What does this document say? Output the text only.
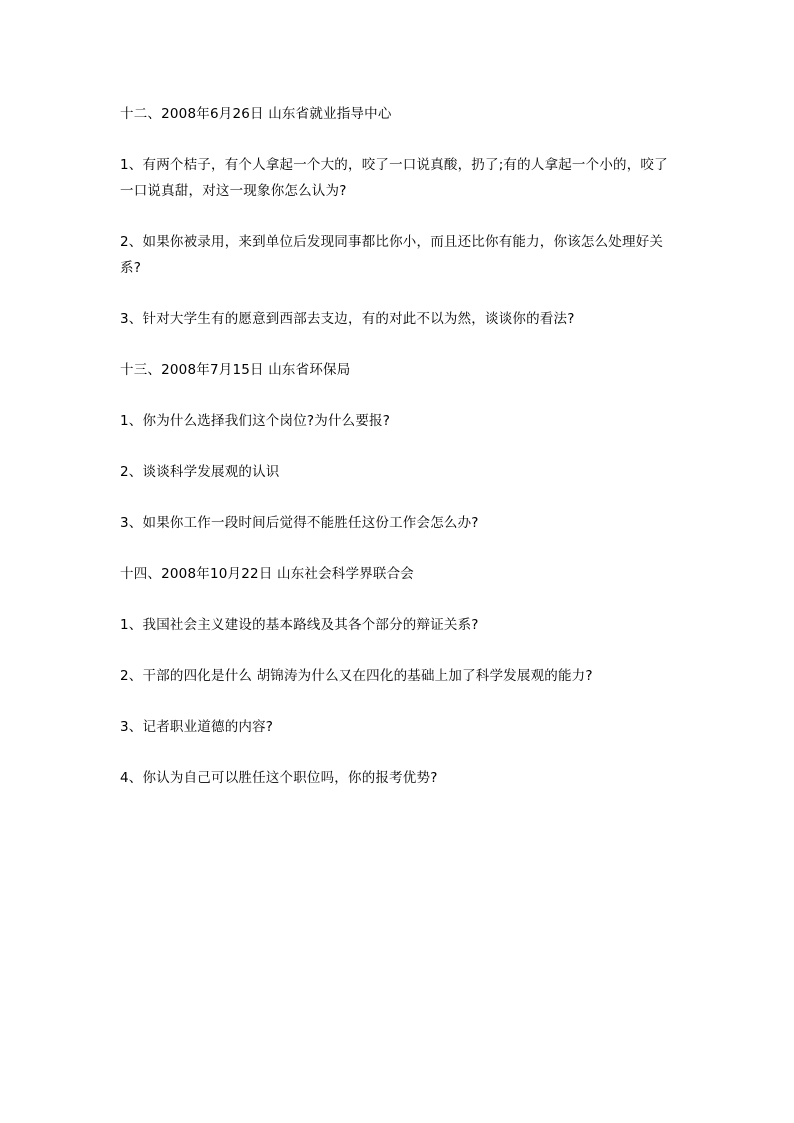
十二、2008年6月26日 山东省就业指导中心

1、有两个桔子，有个人拿起一个大的，咬了一口说真酸，扔了;有的人拿起一个小的，咬了一口说真甜，对这一现象你怎么认为?

2、如果你被录用，来到单位后发现同事都比你小，而且还比你有能力，你该怎么处理好关系?

3、针对大学生有的愿意到西部去支边，有的对此不以为然，谈谈你的看法?

十三、2008年7月15日 山东省环保局

1、你为什么选择我们这个岗位?为什么要报?

2、谈谈科学发展观的认识

3、如果你工作一段时间后觉得不能胜任这份工作会怎么办?

十四、2008年10月22日 山东社会科学界联合会

1、我国社会主义建设的基本路线及其各个部分的辩证关系?

2、干部的四化是什么 胡锦涛为什么又在四化的基础上加了科学发展观的能力?

3、记者职业道德的内容?

4、你认为自己可以胜任这个职位吗，你的报考优势?
